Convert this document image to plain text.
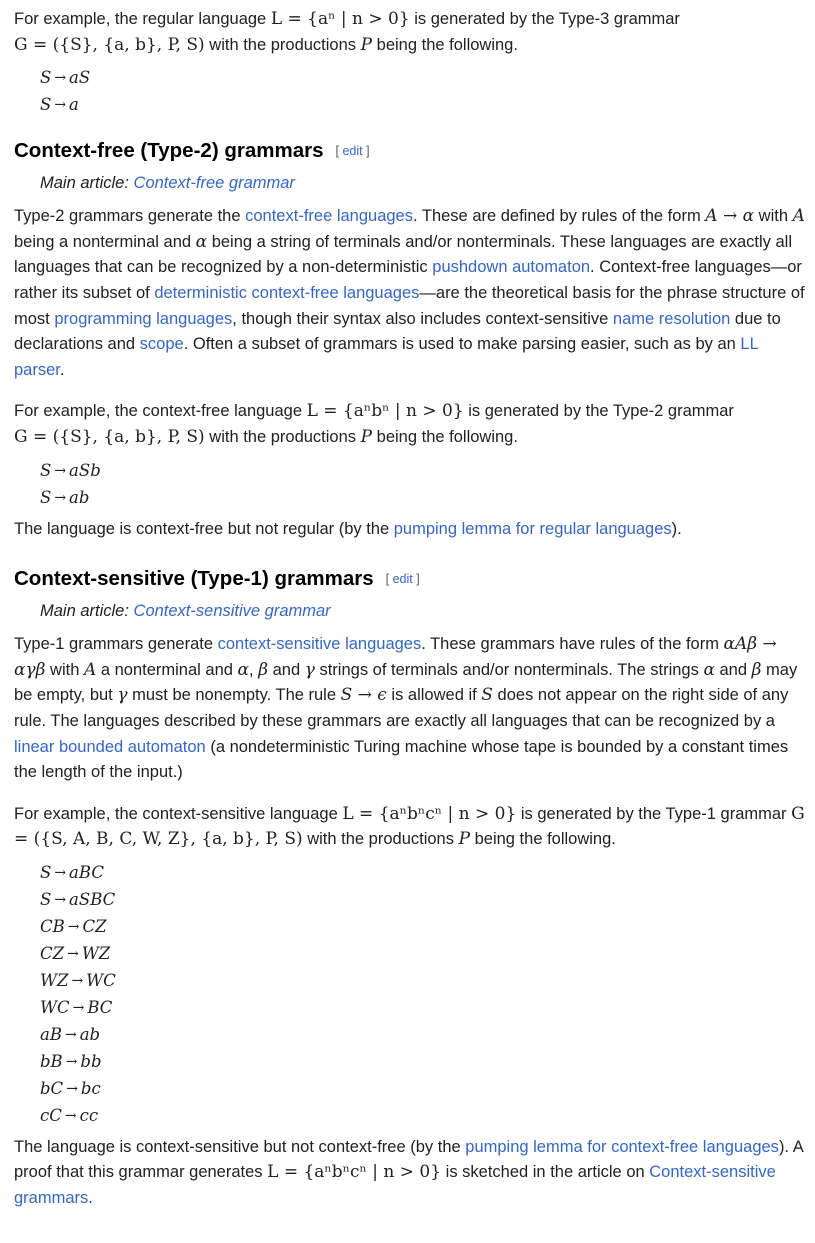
For example, the regular language L = {aⁿ | n > 0} is generated by the Type-3 grammar
G = ({S}, {a, b}, P, S) with the productions P being the following.

S → aS
S → a
Context-free (Type-2) grammars [ edit ]
Main article: Context-free grammar

Type-2 grammars generate the context-free languages. These are defined by rules of the form A → α with A being a nonterminal and α being a string of terminals and/or nonterminals. These languages are exactly all languages that can be recognized by a non-deterministic pushdown automaton. Context-free languages—or rather its subset of deterministic context-free languages—are the theoretical basis for the phrase structure of most programming languages, though their syntax also includes context-sensitive name resolution due to declarations and scope. Often a subset of grammars is used to make parsing easier, such as by an LL parser.

For example, the context-free language L = {aⁿbⁿ | n > 0} is generated by the Type-2 grammar
G = ({S}, {a, b}, P, S) with the productions P being the following.

S → aSb
S → ab

The language is context-free but not regular (by the pumping lemma for regular languages).

Context-sensitive (Type-1) grammars [ edit ]
Main article: Context-sensitive grammar

Type-1 grammars generate context-sensitive languages. These grammars have rules of the form αAβ → αγβ with A a nonterminal and α, β and γ strings of terminals and/or nonterminals. The strings α and β may be empty, but γ must be nonempty. The rule S → ϵ is allowed if S does not appear on the right side of any rule. The languages described by these grammars are exactly all languages that can be recognized by a linear bounded automaton (a nondeterministic Turing machine whose tape is bounded by a constant times the length of the input.)

For example, the context-sensitive language L = {aⁿbⁿcⁿ | n > 0} is generated by the Type-1 grammar G = ({S, A, B, C, W, Z}, {a, b}, P, S) with the productions P being the following.

S → aBC
S → aSBC
CB → CZ
CZ → WZ
WZ → WC
WC → BC
aB → ab
bB → bb
bC → bc
cC → cc

The language is context-sensitive but not context-free (by the pumping lemma for context-free languages). A proof that this grammar generates L = {aⁿbⁿcⁿ | n > 0} is sketched in the article on Context-sensitive grammars.
